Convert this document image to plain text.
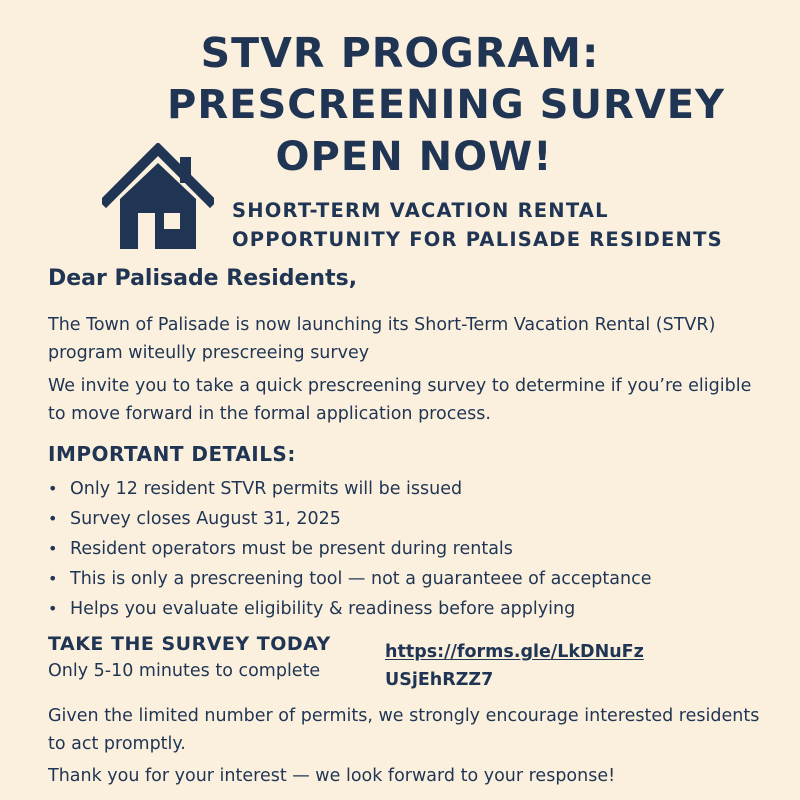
STVR PROGRAM:
PRESCREENING SURVEY
OPEN NOW!
SHORT-TERM VACATION RENTAL
OPPORTUNITY FOR PALISADE RESIDENTS

Dear Palisade Residents,

The Town of Palisade is now launching its Short-Term Vacation Rental (STVR) program witeully prescreeing survey

We invite you to take a quick prescreening survey to determine if you’re eligible to move forward in the formal application process.

IMPORTANT DETAILS:
• Only 12 resident STVR permits will be issued
• Survey closes August 31, 2025
• Resident operators must be present during rentals
• This is only a prescreening tool — not a guaranteee of acceptance
• Helps you evaluate eligibility & readiness before applying
TAKE THE SURVEY TODAY

Only 5-10 minutes to complete

https://forms.gle/LkDNuFz
USjEhRZZ7

Given the limited number of permits, we strongly encourage interested residents to act promptly.

Thank you for your interest — we look forward to your response!
